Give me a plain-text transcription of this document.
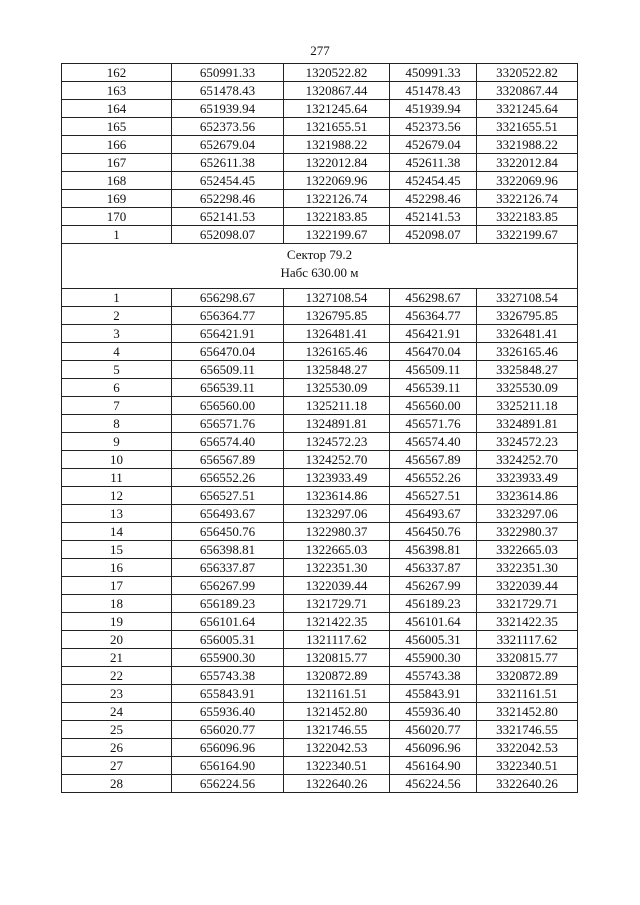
277
162	650991.33	1320522.82	450991.33	3320522.82
163	651478.43	1320867.44	451478.43	3320867.44
164	651939.94	1321245.64	451939.94	3321245.64
165	652373.56	1321655.51	452373.56	3321655.51
166	652679.04	1321988.22	452679.04	3321988.22
167	652611.38	1322012.84	452611.38	3322012.84
168	652454.45	1322069.96	452454.45	3322069.96
169	652298.46	1322126.74	452298.46	3322126.74
170	652141.53	1322183.85	452141.53	3322183.85
1	652098.07	1322199.67	452098.07	3322199.67

Сектор 79.2
Набс 630.00 м				

1	656298.67	1327108.54	456298.67	3327108.54
2	656364.77	1326795.85	456364.77	3326795.85
3	656421.91	1326481.41	456421.91	3326481.41
4	656470.04	1326165.46	456470.04	3326165.46
5	656509.11	1325848.27	456509.11	3325848.27
6	656539.11	1325530.09	456539.11	3325530.09
7	656560.00	1325211.18	456560.00	3325211.18
8	656571.76	1324891.81	456571.76	3324891.81
9	656574.40	1324572.23	456574.40	3324572.23
10	656567.89	1324252.70	456567.89	3324252.70
11	656552.26	1323933.49	456552.26	3323933.49
12	656527.51	1323614.86	456527.51	3323614.86
13	656493.67	1323297.06	456493.67	3323297.06
14	656450.76	1322980.37	456450.76	3322980.37
15	656398.81	1322665.03	456398.81	3322665.03
16	656337.87	1322351.30	456337.87	3322351.30
17	656267.99	1322039.44	456267.99	3322039.44
18	656189.23	1321729.71	456189.23	3321729.71
19	656101.64	1321422.35	456101.64	3321422.35
20	656005.31	1321117.62	456005.31	3321117.62
21	655900.30	1320815.77	455900.30	3320815.77
22	655743.38	1320872.89	455743.38	3320872.89
23	655843.91	1321161.51	455843.91	3321161.51
24	655936.40	1321452.80	455936.40	3321452.80
25	656020.77	1321746.55	456020.77	3321746.55
26	656096.96	1322042.53	456096.96	3322042.53
27	656164.90	1322340.51	456164.90	3322340.51
28	656224.56	1322640.26	456224.56	3322640.26
